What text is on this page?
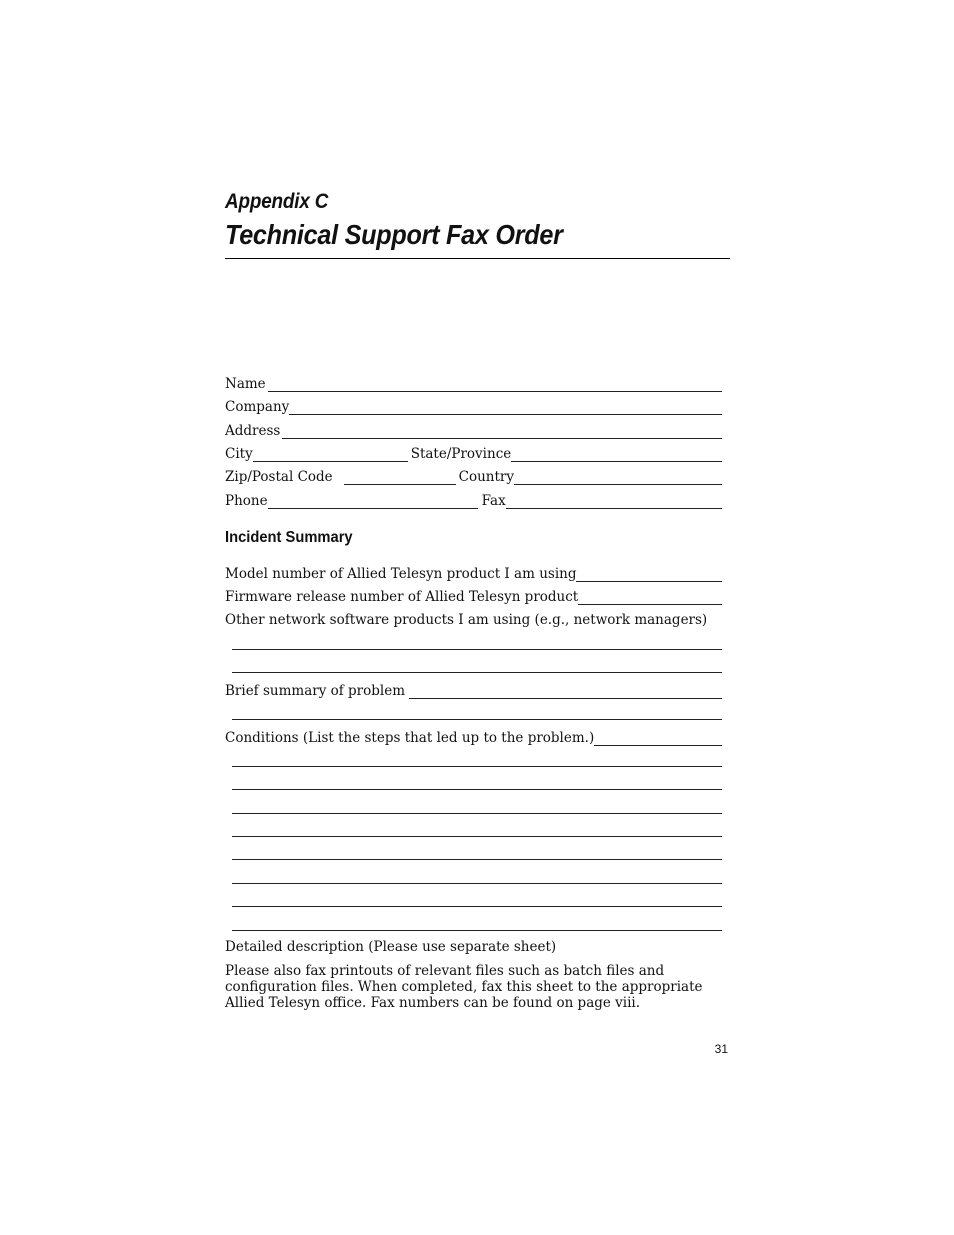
Appendix C
Technical Support Fax Order
Name
Company
Address
City	State/Province
Zip/Postal Code	Country
Phone	Fax
Incident Summary
Model number of Allied Telesyn product I am using
Firmware release number of Allied Telesyn product
Other network software products I am using (e.g., network managers)
Brief summary of problem
Conditions (List the steps that led up to the problem.)
Detailed description (Please use separate sheet)
Please also fax printouts of relevant files such as batch files and configuration files. When completed, fax this sheet to the appropriate Allied Telesyn office. Fax numbers can be found on page viii.
31
